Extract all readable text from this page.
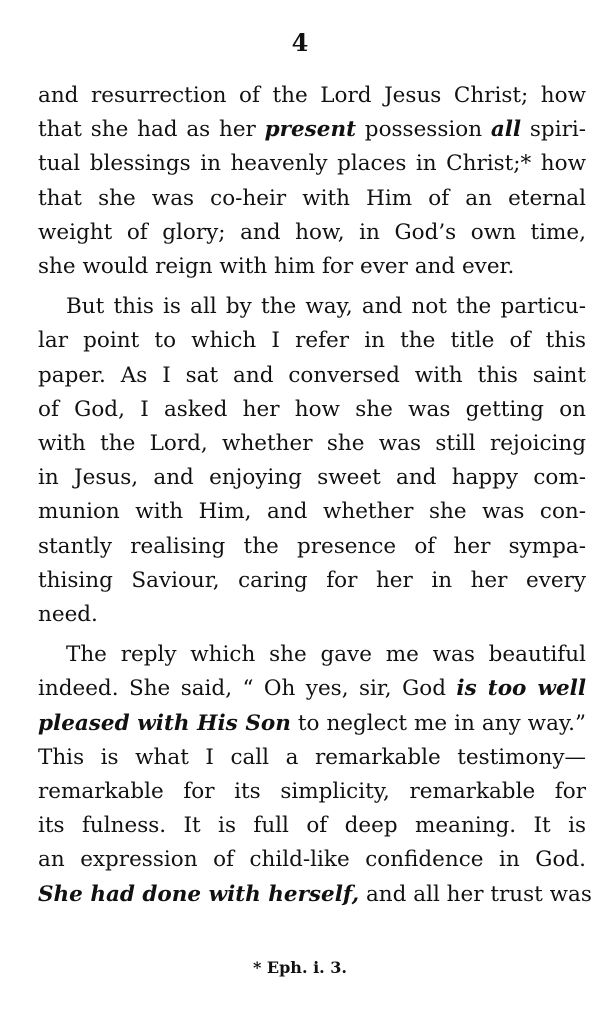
4
and resurrection of the Lord Jesus Christ; how
that she had as her present possession all spiri-
tual blessings in heavenly places in Christ;* how
that she was co-heir with Him of an eternal
weight of glory; and how, in God’s own time,
she would reign with him for ever and ever.
But this is all by the way, and not the particu-
lar point to which I refer in the title of this
paper. As I sat and conversed with this saint
of God, I asked her how she was getting on
with the Lord, whether she was still rejoicing
in Jesus, and enjoying sweet and happy com-
munion with Him, and whether she was con-
stantly realising the presence of her sympa-
thising Saviour, caring for her in her every
need.
The reply which she gave me was beautiful
indeed. She said, “ Oh yes, sir, God is too well
pleased with His Son to neglect me in any way.”
This is what I call a remarkable testimony—
remarkable for its simplicity, remarkable for
its fulness. It is full of deep meaning. It is
an expression of child-like confidence in God.
She had done with herself, and all her trust was
* Eph. i. 3.
